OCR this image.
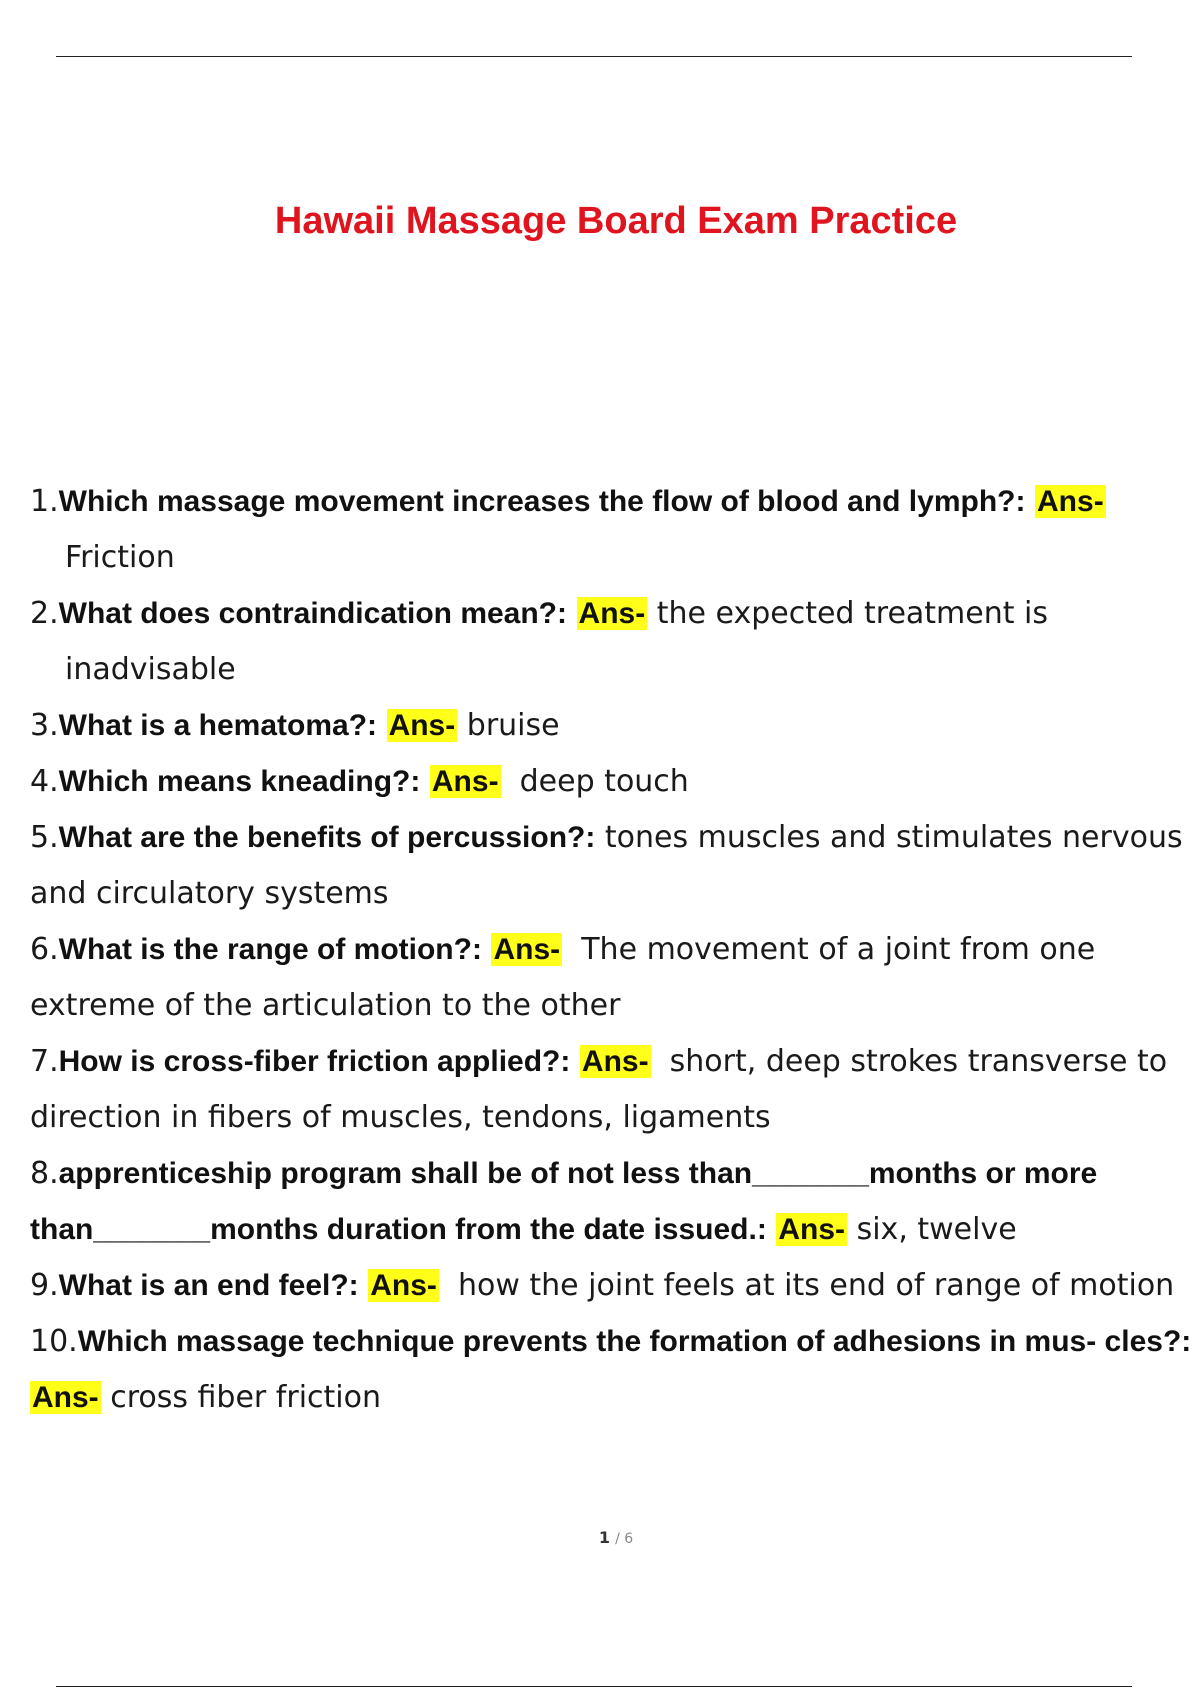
Hawaii Massage Board Exam Practice
1.Which massage movement increases the flow of blood and lymph?: Ans- Friction
2.What does contraindication mean?: Ans- the expected treatment is inadvisable
3.What is a hematoma?: Ans- bruise
4.Which means kneading?: Ans- deep touch
5.What are the benefits of percussion?: tones muscles and stimulates nervous and circulatory systems
6.What is the range of motion?: Ans- The movement of a joint from one extreme of the articulation to the other
7.How is cross-fiber friction applied?: Ans- short, deep strokes transverse to direction in fibers of muscles, tendons, ligaments
8.apprenticeship program shall be of not less than_______months or more than_______months duration from the date issued.: Ans- six, twelve
9.What is an end feel?: Ans- how the joint feels at its end of range of motion
10.Which massage technique prevents the formation of adhesions in mus- cles?: Ans- cross fiber friction
1 / 6
